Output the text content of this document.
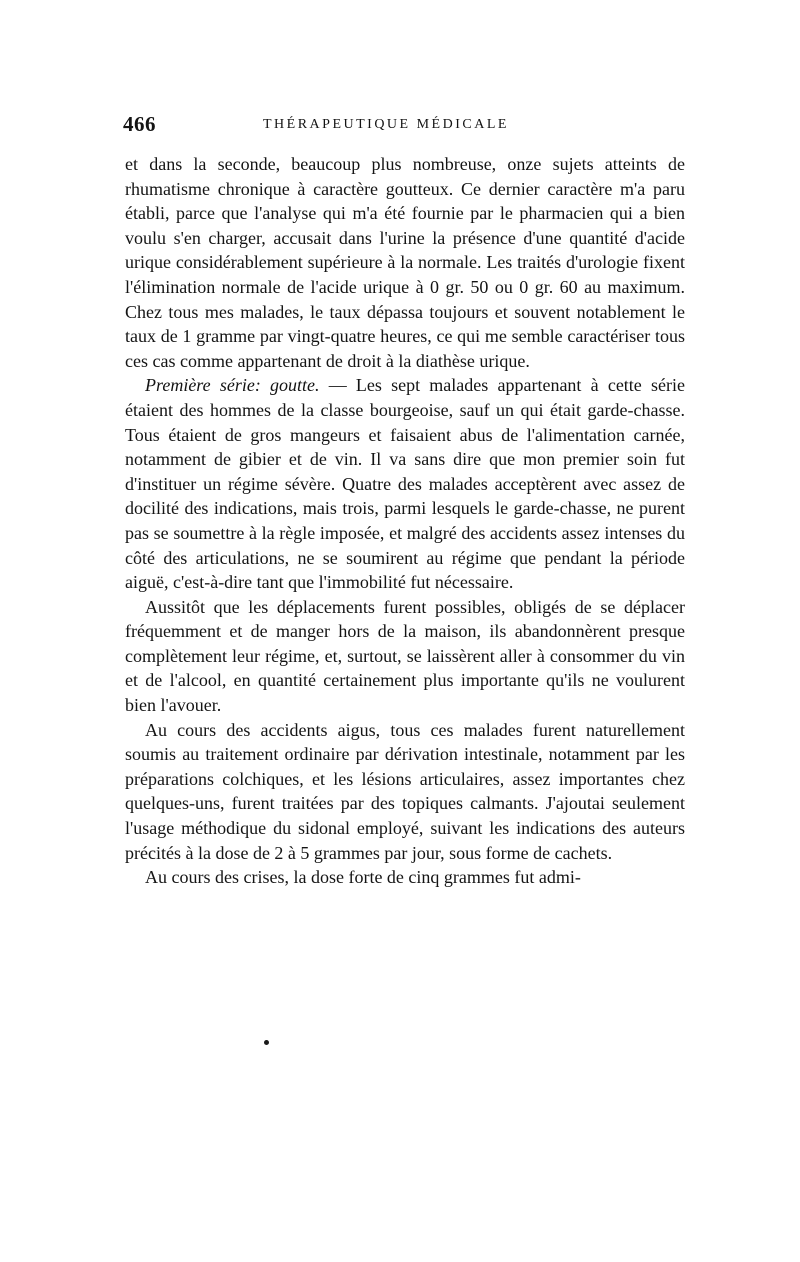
466	THÉRAPEUTIQUE MÉDICALE

et dans la seconde, beaucoup plus nombreuse, onze sujets atteints de rhumatisme chronique à caractère goutteux. Ce dernier caractère m'a paru établi, parce que l'analyse qui m'a été fournie par le pharmacien qui a bien voulu s'en charger, accusait dans l'urine la présence d'une quantité d'acide urique considérablement supérieure à la normale. Les traités d'urologie fixent l'élimination normale de l'acide urique à 0 gr. 50 ou 0 gr. 60 au maximum. Chez tous mes malades, le taux dépassa toujours et souvent notablement le taux de 1 gramme par vingt-quatre heures, ce qui me semble caractériser tous ces cas comme appartenant de droit à la diathèse urique.

Première série: goutte. — Les sept malades appartenant à cette série étaient des hommes de la classe bourgeoise, sauf un qui était garde-chasse. Tous étaient de gros mangeurs et faisaient abus de l'alimentation carnée, notamment de gibier et de vin. Il va sans dire que mon premier soin fut d'instituer un régime sévère. Quatre des malades acceptèrent avec assez de docilité des indications, mais trois, parmi lesquels le garde-chasse, ne purent pas se soumettre à la règle imposée, et malgré des accidents assez intenses du côté des articulations, ne se soumirent au régime que pendant la période aiguë, c'est-à-dire tant que l'immobilité fut nécessaire.

Aussitôt que les déplacements furent possibles, obligés de se déplacer fréquemment et de manger hors de la maison, ils abandonnèrent presque complètement leur régime, et, surtout, se laissèrent aller à consommer du vin et de l'alcool, en quantité certainement plus importante qu'ils ne voulurent bien l'avouer.

Au cours des accidents aigus, tous ces malades furent naturellement soumis au traitement ordinaire par dérivation intestinale, notamment par les préparations colchiques, et les lésions articulaires, assez importantes chez quelques-uns, furent traitées par des topiques calmants. J'ajoutai seulement l'usage méthodique du sidonal employé, suivant les indications des auteurs précités à la dose de 2 à 5 grammes par jour, sous forme de cachets.

Au cours des crises, la dose forte de cinq grammes fut admi-
